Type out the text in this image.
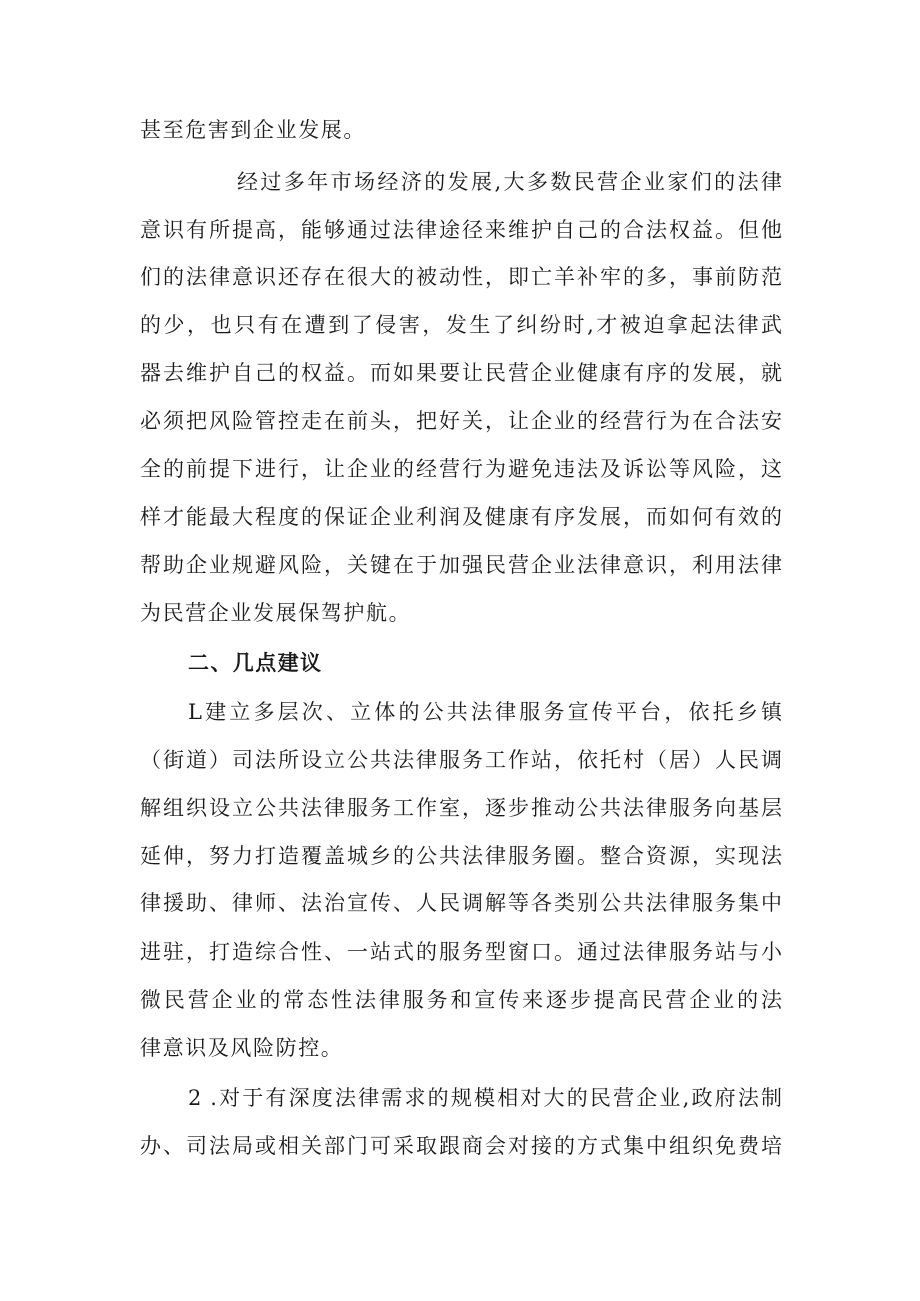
甚至危害到企业发展。
经过多年市场经济的发展,大多数民营企业家们的法律
意识有所提高，能够通过法律途径来维护自己的合法权益。但他
们的法律意识还存在很大的被动性，即亡羊补牢的多，事前防范
的少，也只有在遭到了侵害，发生了纠纷时,才被迫拿起法律武
器去维护自己的权益。而如果要让民营企业健康有序的发展，就
必须把风险管控走在前头，把好关，让企业的经营行为在合法安
全的前提下进行，让企业的经营行为避免违法及诉讼等风险，这
样才能最大程度的保证企业利润及健康有序发展，而如何有效的
帮助企业规避风险，关键在于加强民营企业法律意识，利用法律
为民营企业发展保驾护航。
二、几点建议
L建立多层次、立体的公共法律服务宣传平台，依托乡镇
（街道）司法所设立公共法律服务工作站，依托村（居）人民调
解组织设立公共法律服务工作室，逐步推动公共法律服务向基层
延伸，努力打造覆盖城乡的公共法律服务圈。整合资源，实现法
律援助、律师、法治宣传、人民调解等各类别公共法律服务集中
进驻，打造综合性、一站式的服务型窗口。通过法律服务站与小
微民营企业的常态性法律服务和宣传来逐步提高民营企业的法
律意识及风险防控。
2 .对于有深度法律需求的规模相对大的民营企业,政府法制
办、司法局或相关部门可采取跟商会对接的方式集中组织免费培
